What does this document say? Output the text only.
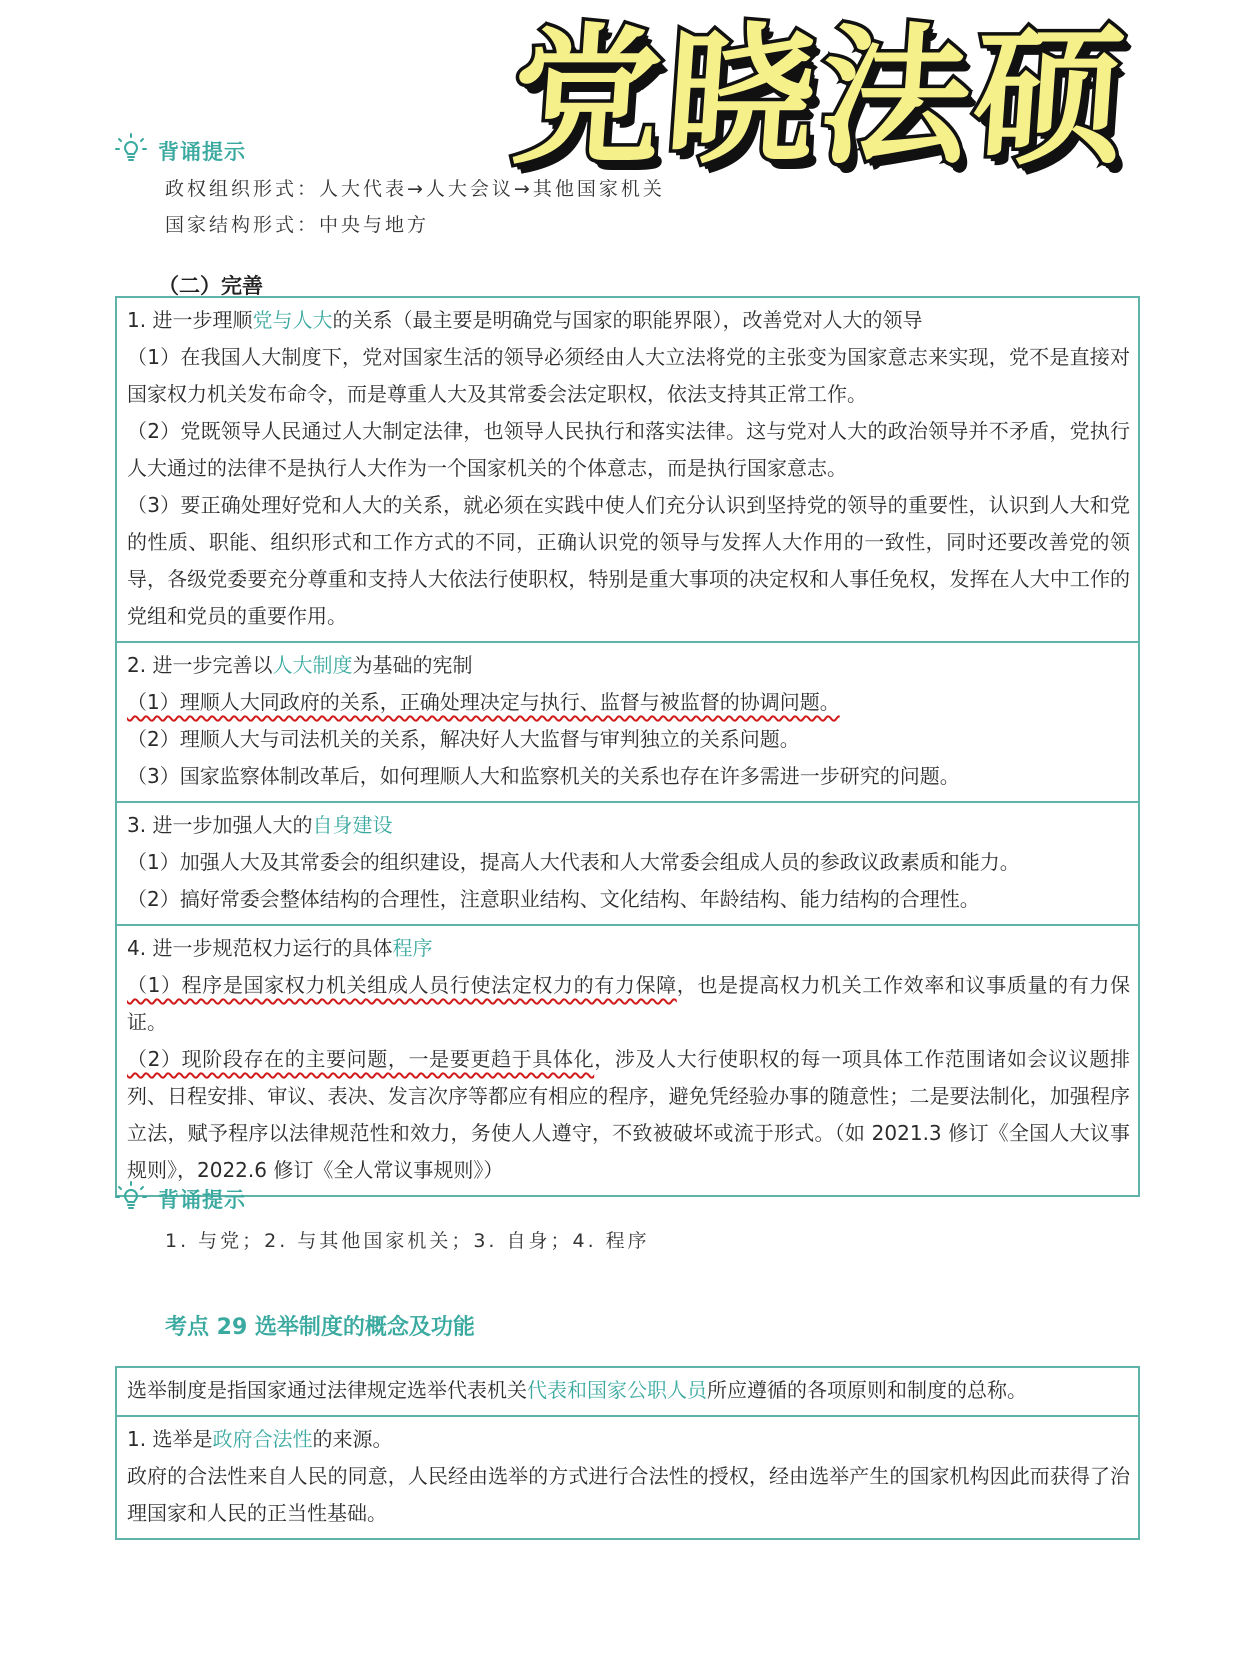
党晓法硕
背诵提示
政权组织形式：人大代表→人大会议→其他国家机关
国家结构形式：中央与地方
（二）完善
1. 进一步理顺党与人大的关系（最主要是明确党与国家的职能界限），改善党对人大的领导
（1）在我国人大制度下，党对国家生活的领导必须经由人大立法将党的主张变为国家意志来实现，党不是直接对国家权力机关发布命令，而是尊重人大及其常委会法定职权，依法支持其正常工作。
（2）党既领导人民通过人大制定法律，也领导人民执行和落实法律。这与党对人大的政治领导并不矛盾，党执行人大通过的法律不是执行人大作为一个国家机关的个体意志，而是执行国家意志。
（3）要正确处理好党和人大的关系，就必须在实践中使人们充分认识到坚持党的领导的重要性，认识到人大和党的性质、职能、组织形式和工作方式的不同，正确认识党的领导与发挥人大作用的一致性，同时还要改善党的领导，各级党委要充分尊重和支持人大依法行使职权，特别是重大事项的决定权和人事任免权，发挥在人大中工作的党组和党员的重要作用。
2. 进一步完善以人大制度为基础的宪制
（1）理顺人大同政府的关系，正确处理决定与执行、监督与被监督的协调问题。
（2）理顺人大与司法机关的关系，解决好人大监督与审判独立的关系问题。
（3）国家监察体制改革后，如何理顺人大和监察机关的关系也存在许多需进一步研究的问题。
3. 进一步加强人大的自身建设
（1）加强人大及其常委会的组织建设，提高人大代表和人大常委会组成人员的参政议政素质和能力。
（2）搞好常委会整体结构的合理性，注意职业结构、文化结构、年龄结构、能力结构的合理性。
4. 进一步规范权力运行的具体程序
（1）程序是国家权力机关组成人员行使法定权力的有力保障，也是提高权力机关工作效率和议事质量的有力保证。
（2）现阶段存在的主要问题，一是要更趋于具体化，涉及人大行使职权的每一项具体工作范围诸如会议议题排列、日程安排、审议、表决、发言次序等都应有相应的程序，避免凭经验办事的随意性；二是要法制化，加强程序立法，赋予程序以法律规范性和效力，务使人人遵守，不致被破坏或流于形式。（如 2021.3 修订《全国人大议事规则》，2022.6 修订《全人常议事规则》）
背诵提示
1. 与党；2. 与其他国家机关；3. 自身；4. 程序
考点 29 选举制度的概念及功能
选举制度是指国家通过法律规定选举代表机关代表和国家公职人员所应遵循的各项原则和制度的总称。
1. 选举是政府合法性的来源。
政府的合法性来自人民的同意，人民经由选举的方式进行合法性的授权，经由选举产生的国家机构因此而获得了治理国家和人民的正当性基础。
